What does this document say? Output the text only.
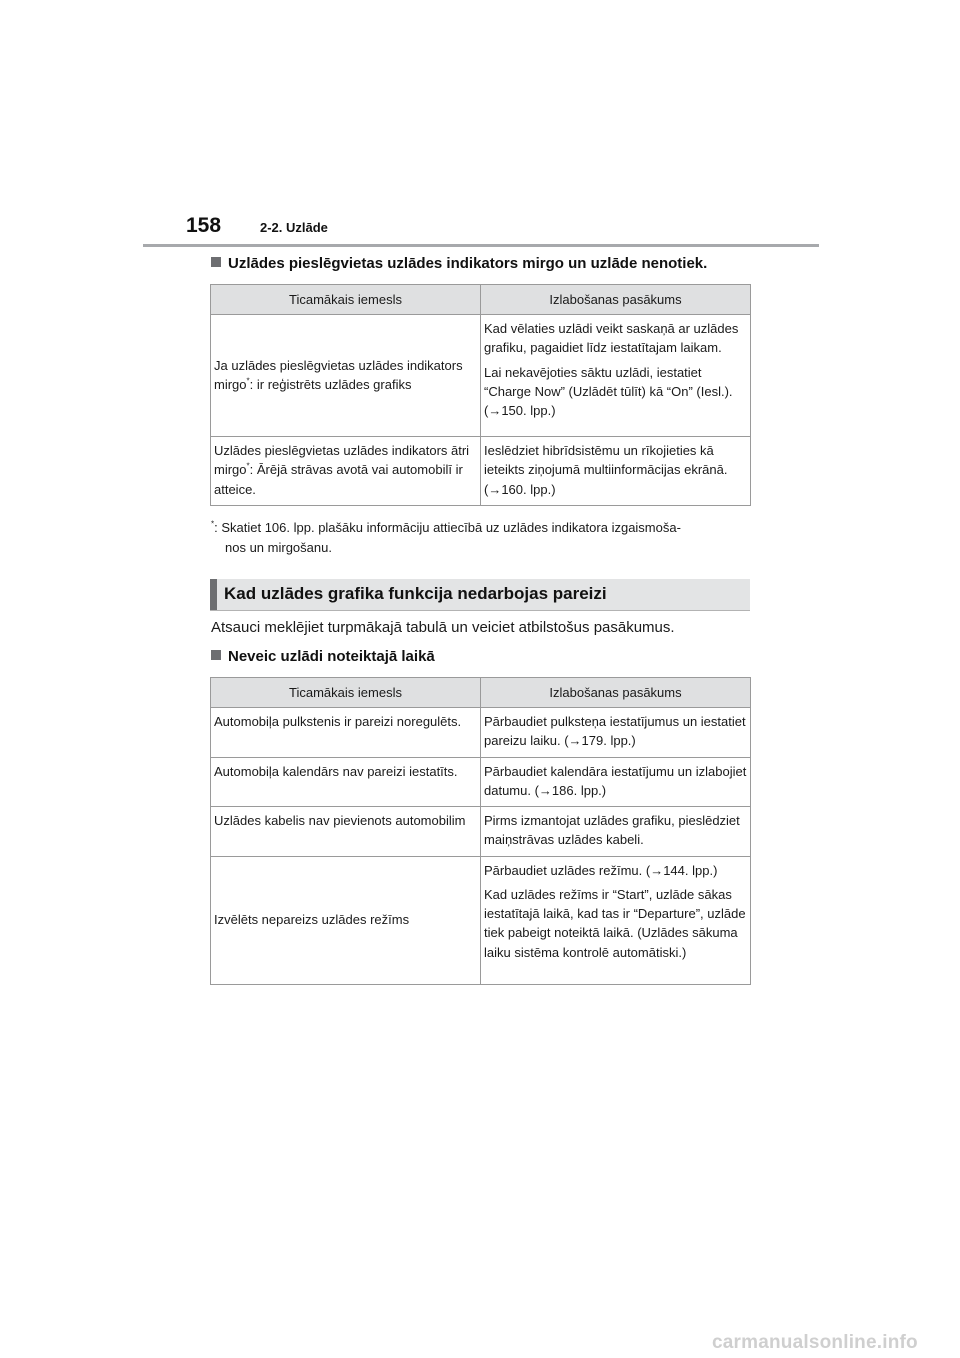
158	2-2. Uzlāde
Uzlādes pieslēgvietas uzlādes indikators mirgo un uzlāde nenotiek.
Ticamākais iemesls	Izlabošanas pasākums
Ja uzlādes pieslēgvietas uzlādes indikators mirgo*: ir reģistrēts uzlādes grafiks	Kad vēlaties uzlādi veikt saskaņā ar uzlādes grafiku, pagaidiet līdz iestatītajam laikam.

Lai nekavējoties sāktu uzlādi, iestatiet “Charge Now” (Uzlādēt tūlīt) kā “On” (Iesl.). (→150. lpp.)

Uzlādes pieslēgvietas uzlādes indikators ātri mirgo*: Ārējā strāvas avotā vai automobilī ir atteice.	Ieslēdziet hibrīdsistēmu un rīkojieties kā ieteikts ziņojumā multiinformācijas ekrānā. (→160. lpp.)

*: Skatiet 106. lpp. plašāku informāciju attiecībā uz uzlādes indikatora izgaismoša-
nos un mirgošanu.
Kad uzlādes grafika funkcija nedarbojas pareizi
Atsauci meklējiet turpmākajā tabulā un veiciet atbilstošus pasākumus.
Neveic uzlādi noteiktajā laikā
Ticamākais iemesls	Izlabošanas pasākums
Automobiļa pulkstenis ir pareizi noregulēts.	Pārbaudiet pulksteņa iestatījumus un iestatiet pareizu laiku. (→179. lpp.)

Automobiļa kalendārs nav pareizi iestatīts.	Pārbaudiet kalendāra iestatījumu un izlabojiet datumu. (→186. lpp.)

Uzlādes kabelis nav pievienots automobilim	Pirms izmantojat uzlādes grafiku, pieslēdziet maiņstrāvas uzlādes kabeli.

Izvēlēts nepareizs uzlādes režīms	Pārbaudiet uzlādes režīmu. (→144. lpp.)

Kad uzlādes režīms ir “Start”, uzlāde sākas iestatītajā laikā, kad tas ir “Departure”, uzlāde tiek pabeigt noteiktā laikā. (Uzlādes sākuma laiku sistēma kontrolē automātiski.)

carmanualsonline.info
